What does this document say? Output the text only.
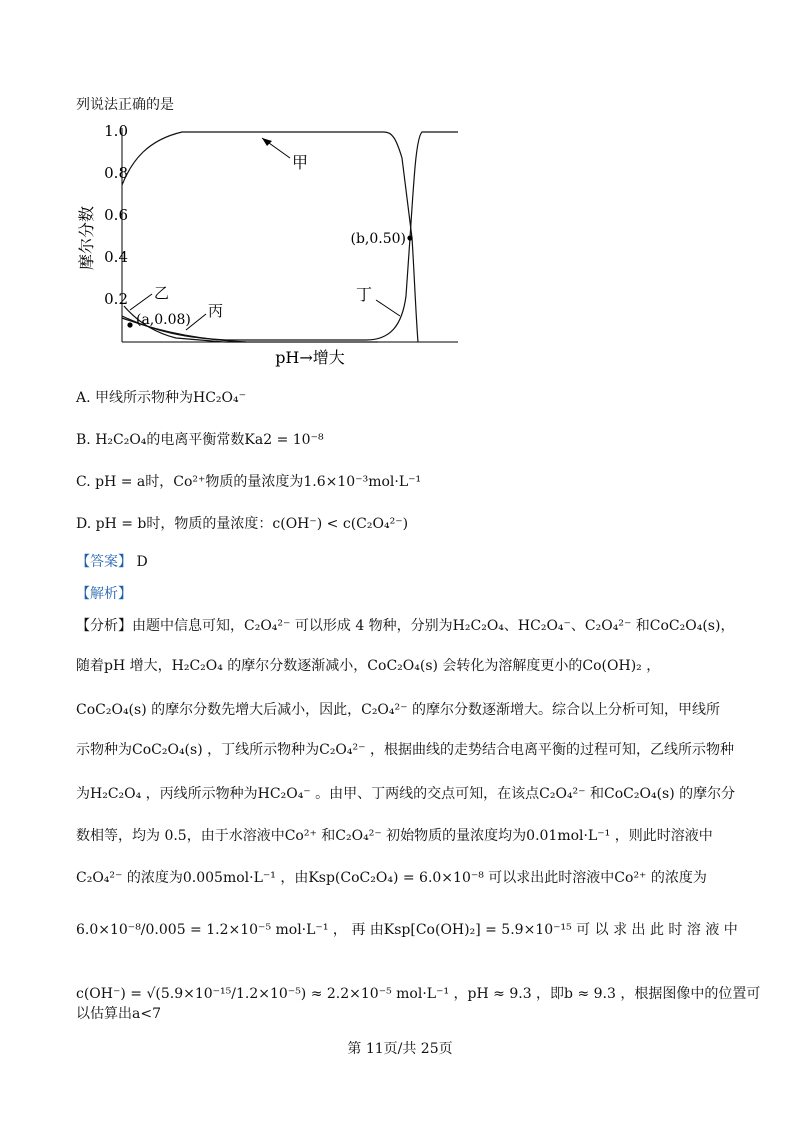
列说法正确的是
1.0
0.8
0.6
0.4
0.2
摩尔分数
pH→增大
甲
乙
(a,0.08) 丙
(b,0.50)
丁
A. 甲线所示物种为HC₂O₄⁻
B. H₂C₂O₄的电离平衡常数Ka2 = 10⁻⁸
C. pH = a时，Co²⁺物质的量浓度为1.6×10⁻³mol·L⁻¹
D. pH = b时，物质的量浓度：c(OH⁻) < c(C₂O₄²⁻)
【答案】 D
【解析】
【分析】由题中信息可知，C₂O₄²⁻ 可以形成 4 物种，分别为H₂C₂O₄、HC₂O₄⁻、C₂O₄²⁻ 和CoC₂O₄(s)，
随着pH 增大，H₂C₂O₄ 的摩尔分数逐渐减小，CoC₂O₄(s) 会转化为溶解度更小的Co(OH)₂ ，
CoC₂O₄(s) 的摩尔分数先增大后减小，因此，C₂O₄²⁻ 的摩尔分数逐渐增大。综合以上分析可知，甲线所
示物种为CoC₂O₄(s) ，丁线所示物种为C₂O₄²⁻ ，根据曲线的走势结合电离平衡的过程可知，乙线所示物种
为H₂C₂O₄ ，丙线所示物种为HC₂O₄⁻ 。由甲、丁两线的交点可知，在该点C₂O₄²⁻ 和CoC₂O₄(s) 的摩尔分
数相等，均为 0.5，由于水溶液中Co²⁺ 和C₂O₄²⁻ 初始物质的量浓度均为0.01mol·L⁻¹ ，则此时溶液中
C₂O₄²⁻ 的浓度为0.005mol·L⁻¹ ，由Ksp(CoC₂O₄) = 6.0×10⁻⁸ 可以求出此时溶液中Co²⁺ 的浓度为
6.0×10⁻⁸/0.005 = 1.2×10⁻⁵ mol·L⁻¹ ， 再 由Ksp[Co(OH)₂] = 5.9×10⁻¹⁵ 可 以 求 出 此 时 溶 液 中
c(OH⁻) = √(5.9×10⁻¹⁵/1.2×10⁻⁵) ≈ 2.2×10⁻⁵ mol·L⁻¹ ，pH ≈ 9.3 ，即b ≈ 9.3 ，根据图像中的位置可以估算出a<7
第 11页/共 25页
